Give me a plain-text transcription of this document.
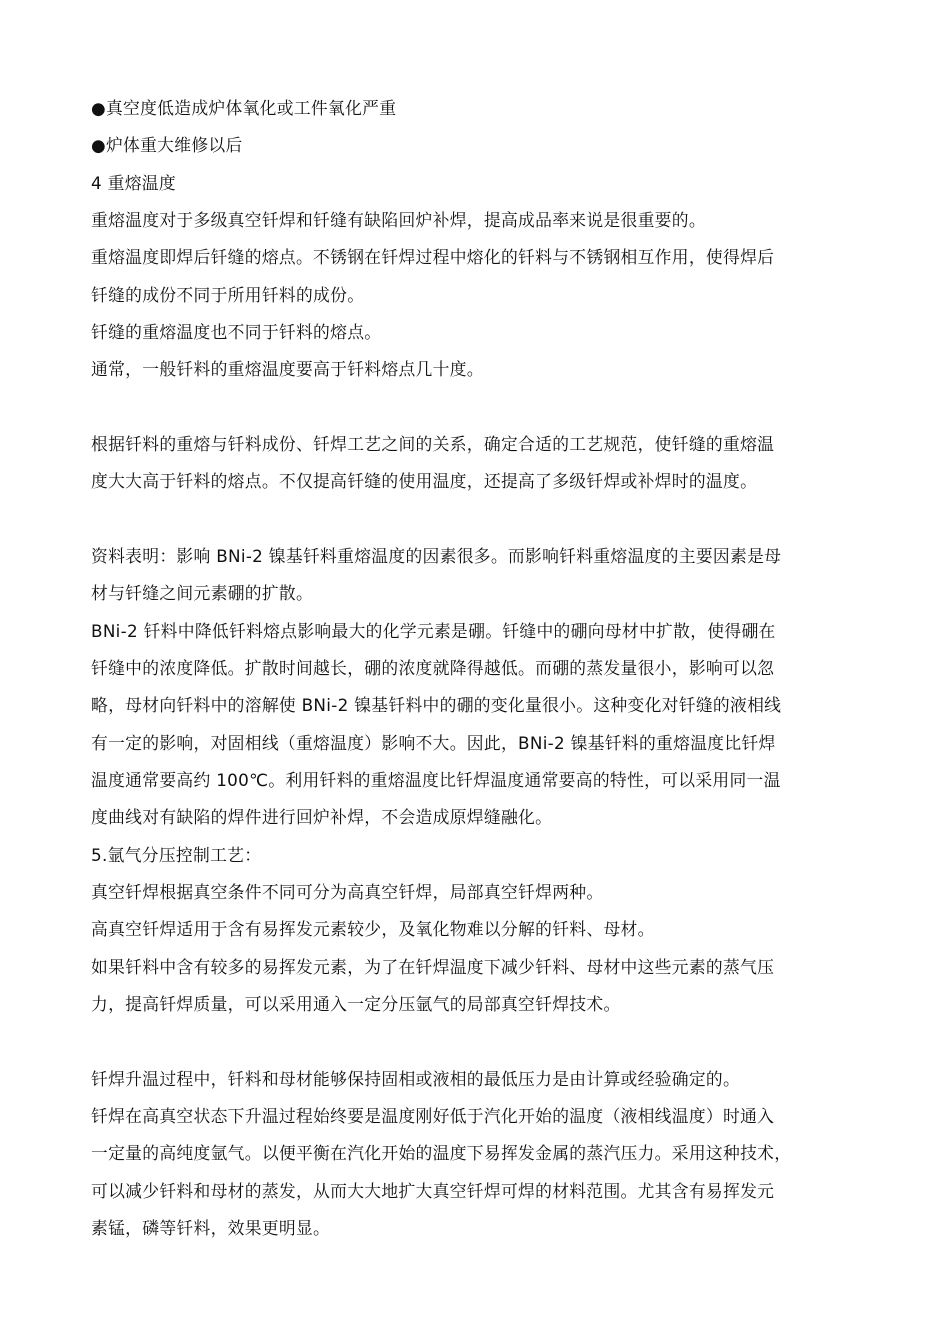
●真空度低造成炉体氧化或工件氧化严重
●炉体重大维修以后
4 重熔温度
重熔温度对于多级真空钎焊和钎缝有缺陷回炉补焊，提高成品率来说是很重要的。
重熔温度即焊后钎缝的熔点。不锈钢在钎焊过程中熔化的钎料与不锈钢相互作用，使得焊后
钎缝的成份不同于所用钎料的成份。
钎缝的重熔温度也不同于钎料的熔点。
通常，一般钎料的重熔温度要高于钎料熔点几十度。
根据钎料的重熔与钎料成份、钎焊工艺之间的关系，确定合适的工艺规范，使钎缝的重熔温
度大大高于钎料的熔点。不仅提高钎缝的使用温度，还提高了多级钎焊或补焊时的温度。
资料表明：影响 BNi-2 镍基钎料重熔温度的因素很多。而影响钎料重熔温度的主要因素是母
材与钎缝之间元素硼的扩散。
BNi-2 钎料中降低钎料熔点影响最大的化学元素是硼。钎缝中的硼向母材中扩散，使得硼在
钎缝中的浓度降低。扩散时间越长，硼的浓度就降得越低。而硼的蒸发量很小，影响可以忽
略，母材向钎料中的溶解使 BNi-2 镍基钎料中的硼的变化量很小。这种变化对钎缝的液相线
有一定的影响，对固相线（重熔温度）影响不大。因此，BNi-2 镍基钎料的重熔温度比钎焊
温度通常要高约 100℃。利用钎料的重熔温度比钎焊温度通常要高的特性，可以采用同一温
度曲线对有缺陷的焊件进行回炉补焊，不会造成原焊缝融化。
5.氩气分压控制工艺：
真空钎焊根据真空条件不同可分为高真空钎焊，局部真空钎焊两种。
高真空钎焊适用于含有易挥发元素较少，及氧化物难以分解的钎料、母材。
如果钎料中含有较多的易挥发元素，为了在钎焊温度下减少钎料、母材中这些元素的蒸气压
力，提高钎焊质量，可以采用通入一定分压氩气的局部真空钎焊技术。
钎焊升温过程中，钎料和母材能够保持固相或液相的最低压力是由计算或经验确定的。
钎焊在高真空状态下升温过程始终要是温度刚好低于汽化开始的温度（液相线温度）时通入
一定量的高纯度氩气。以便平衡在汽化开始的温度下易挥发金属的蒸汽压力。采用这种技术，
可以减少钎料和母材的蒸发，从而大大地扩大真空钎焊可焊的材料范围。尤其含有易挥发元
素锰，磷等钎料，效果更明显。
